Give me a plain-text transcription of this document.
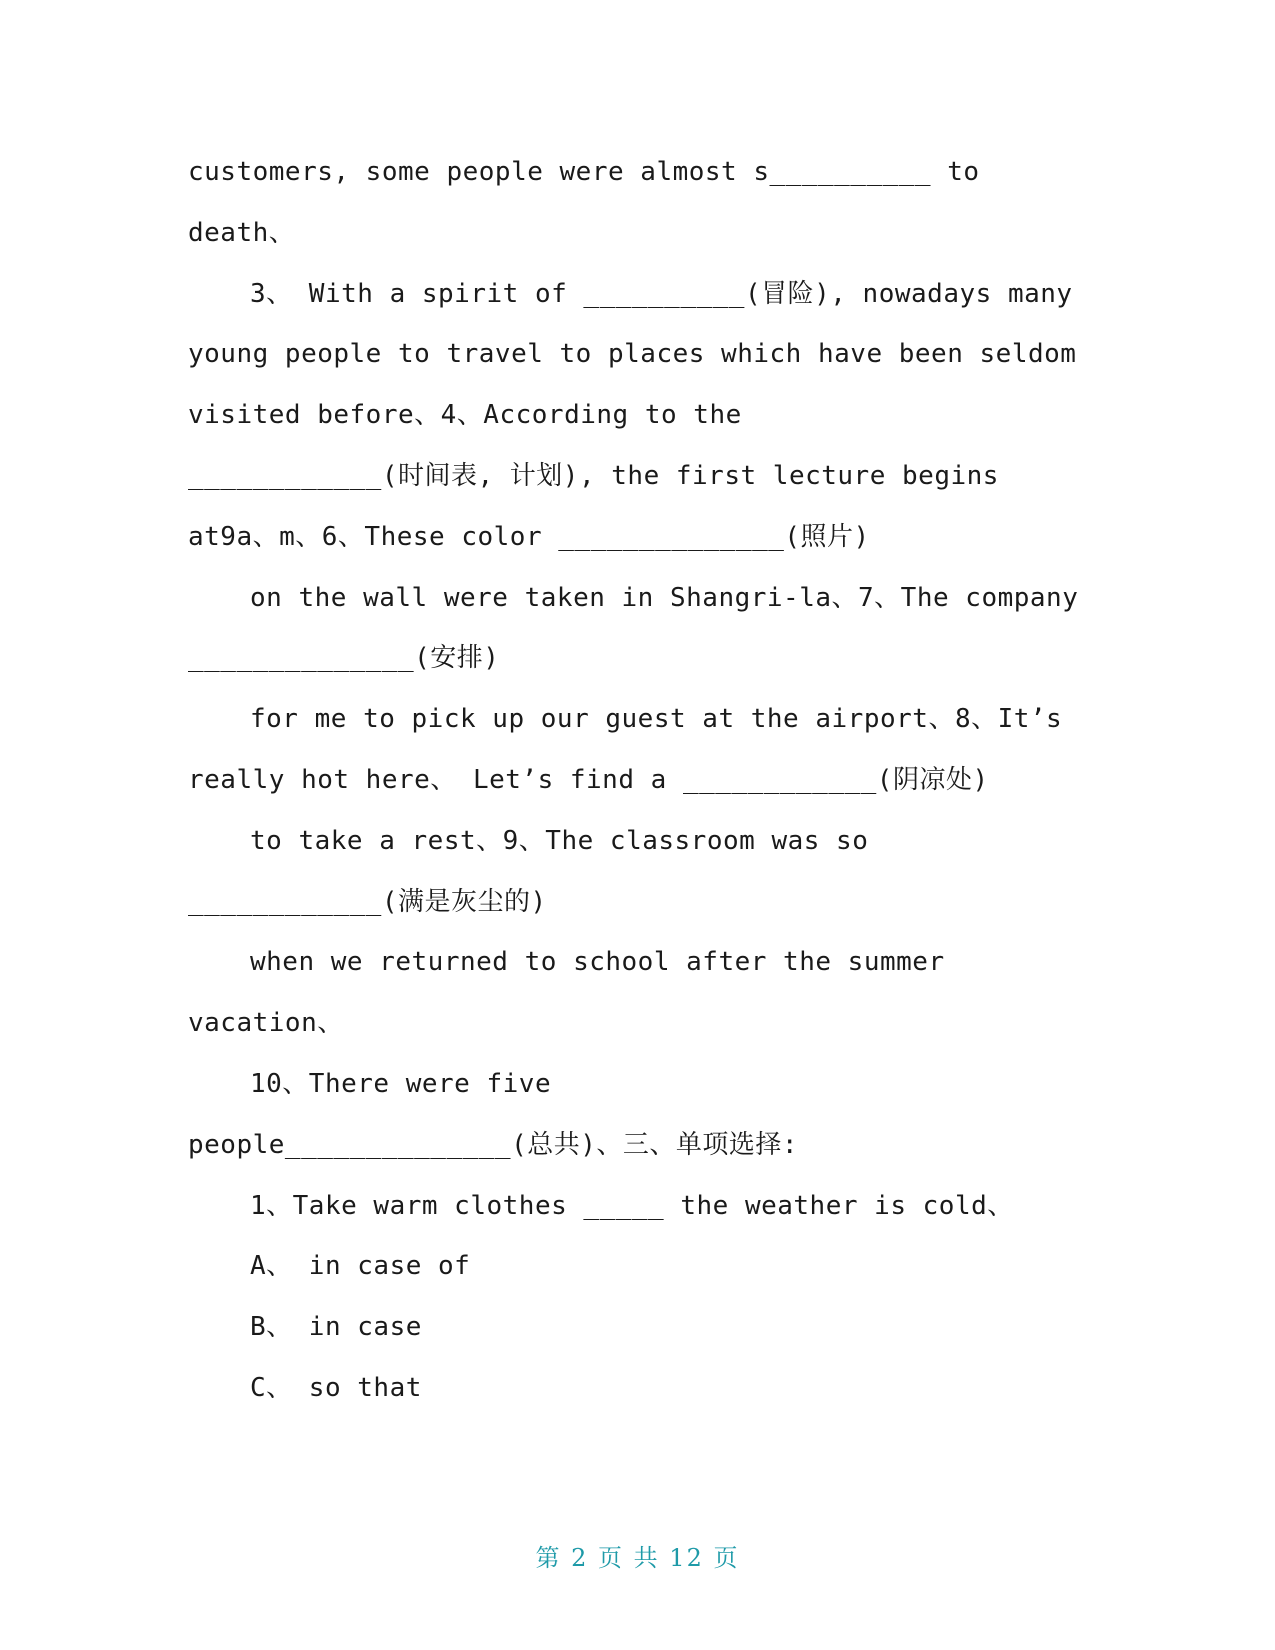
customers, some people were almost s__________ to
death、
3、 With a spirit of __________(冒险), nowadays many
young people to travel to places which have been seldom
visited before、4、According to the
____________(时间表, 计划), the first lecture begins
at9a、m、6、These color ______________(照片)
on the wall were taken in Shangri-la、7、The company
______________(安排)
for me to pick up our guest at the airport、8、It’s
really hot here、 Let’s find a ____________(阴凉处)
to take a rest、9、The classroom was so
____________(满是灰尘的)
when we returned to school after the summer
vacation、
10、There were five
people______________(总共)、三、单项选择:
1、Take warm clothes _____ the weather is cold、
A、 in case of
B、 in case
C、 so that
第 2 页 共 12 页
